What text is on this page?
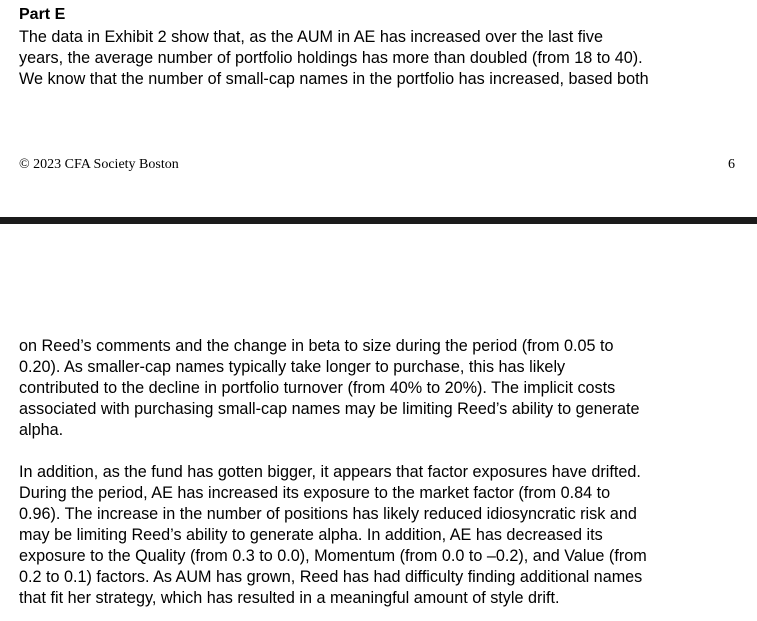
Part E
The data in Exhibit 2 show that, as the AUM in AE has increased over the last five
years, the average number of portfolio holdings has more than doubled (from 18 to 40).
We know that the number of small-cap names in the portfolio has increased, based both
© 2023 CFA Society Boston	6
on Reed’s comments and the change in beta to size during the period (from 0.05 to
0.20). As smaller-cap names typically take longer to purchase, this has likely
contributed to the decline in portfolio turnover (from 40% to 20%). The implicit costs
associated with purchasing small-cap names may be limiting Reed’s ability to generate
alpha.
In addition, as the fund has gotten bigger, it appears that factor exposures have drifted.
During the period, AE has increased its exposure to the market factor (from 0.84 to
0.96). The increase in the number of positions has likely reduced idiosyncratic risk and
may be limiting Reed’s ability to generate alpha. In addition, AE has decreased its
exposure to the Quality (from 0.3 to 0.0), Momentum (from 0.0 to –0.2), and Value (from
0.2 to 0.1) factors. As AUM has grown, Reed has had difficulty finding additional names
that fit her strategy, which has resulted in a meaningful amount of style drift.
